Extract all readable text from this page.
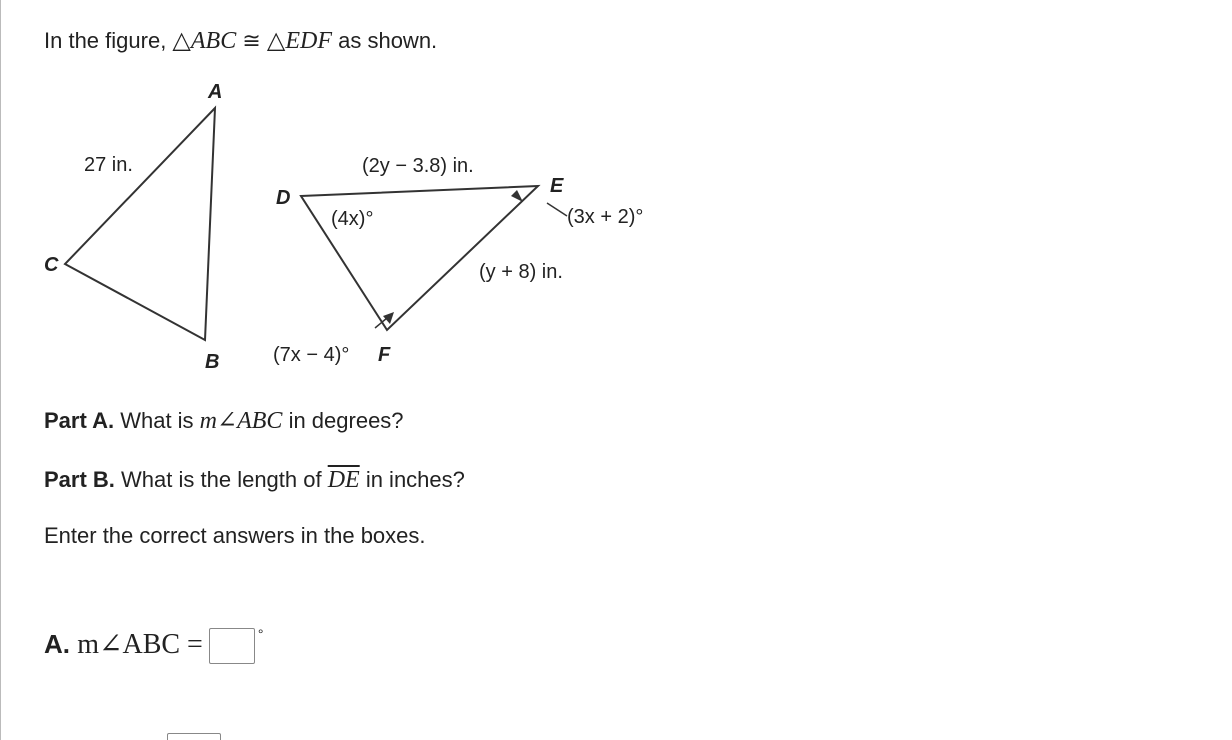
In the figure, △ABC ≅ △EDF as shown.
A
B
C
D
E
F
27 in.	(2y − 3.8) in.
(y + 8) in.
(4x)°	(3x + 2)°
(7x − 4)°
Part A. What is m∠ABC in degrees?
Part B. What is the length of $\overline{DE}$ in inches?
Enter the correct answers in the boxes.
A. m∠ABC =	°
